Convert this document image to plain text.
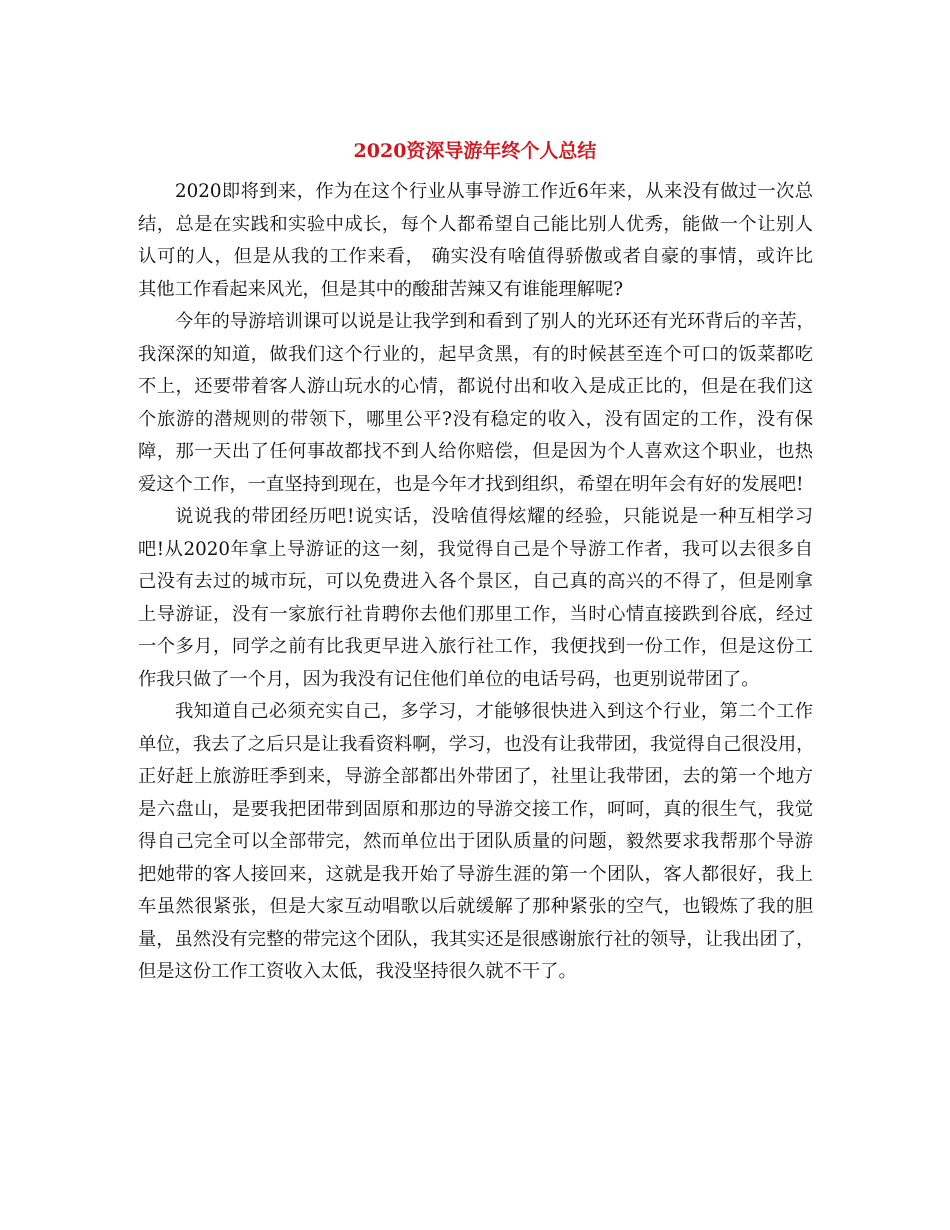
2020资深导游年终个人总结
2020即将到来，作为在这个行业从事导游工作近6年来，从来没有做过一次总
结，总是在实践和实验中成长，每个人都希望自己能比别人优秀，能做一个让别人
认可的人，但是从我的工作来看， 确实没有啥值得骄傲或者自豪的事情，或许比
其他工作看起来风光，但是其中的酸甜苦辣又有谁能理解呢?
今年的导游培训课可以说是让我学到和看到了别人的光环还有光环背后的辛苦，
我深深的知道，做我们这个行业的，起早贪黑，有的时候甚至连个可口的饭菜都吃
不上，还要带着客人游山玩水的心情，都说付出和收入是成正比的，但是在我们这
个旅游的潜规则的带领下，哪里公平?没有稳定的收入，没有固定的工作，没有保
障，那一天出了任何事故都找不到人给你赔偿，但是因为个人喜欢这个职业，也热
爱这个工作，一直坚持到现在，也是今年才找到组织，希望在明年会有好的发展吧!
说说我的带团经历吧!说实话，没啥值得炫耀的经验，只能说是一种互相学习
吧!从2020年拿上导游证的这一刻，我觉得自己是个导游工作者，我可以去很多自
己没有去过的城市玩，可以免费进入各个景区，自己真的高兴的不得了，但是刚拿
上导游证，没有一家旅行社肯聘你去他们那里工作，当时心情直接跌到谷底，经过
一个多月，同学之前有比我更早进入旅行社工作，我便找到一份工作，但是这份工
作我只做了一个月，因为我没有记住他们单位的电话号码，也更别说带团了。
我知道自己必须充实自己，多学习，才能够很快进入到这个行业，第二个工作
单位，我去了之后只是让我看资料啊，学习，也没有让我带团，我觉得自己很没用，
正好赶上旅游旺季到来，导游全部都出外带团了，社里让我带团，去的第一个地方
是六盘山，是要我把团带到固原和那边的导游交接工作，呵呵，真的很生气，我觉
得自己完全可以全部带完，然而单位出于团队质量的问题，毅然要求我帮那个导游
把她带的客人接回来，这就是我开始了导游生涯的第一个团队，客人都很好，我上
车虽然很紧张，但是大家互动唱歌以后就缓解了那种紧张的空气，也锻炼了我的胆
量，虽然没有完整的带完这个团队，我其实还是很感谢旅行社的领导，让我出团了，
但是这份工作工资收入太低，我没坚持很久就不干了。
